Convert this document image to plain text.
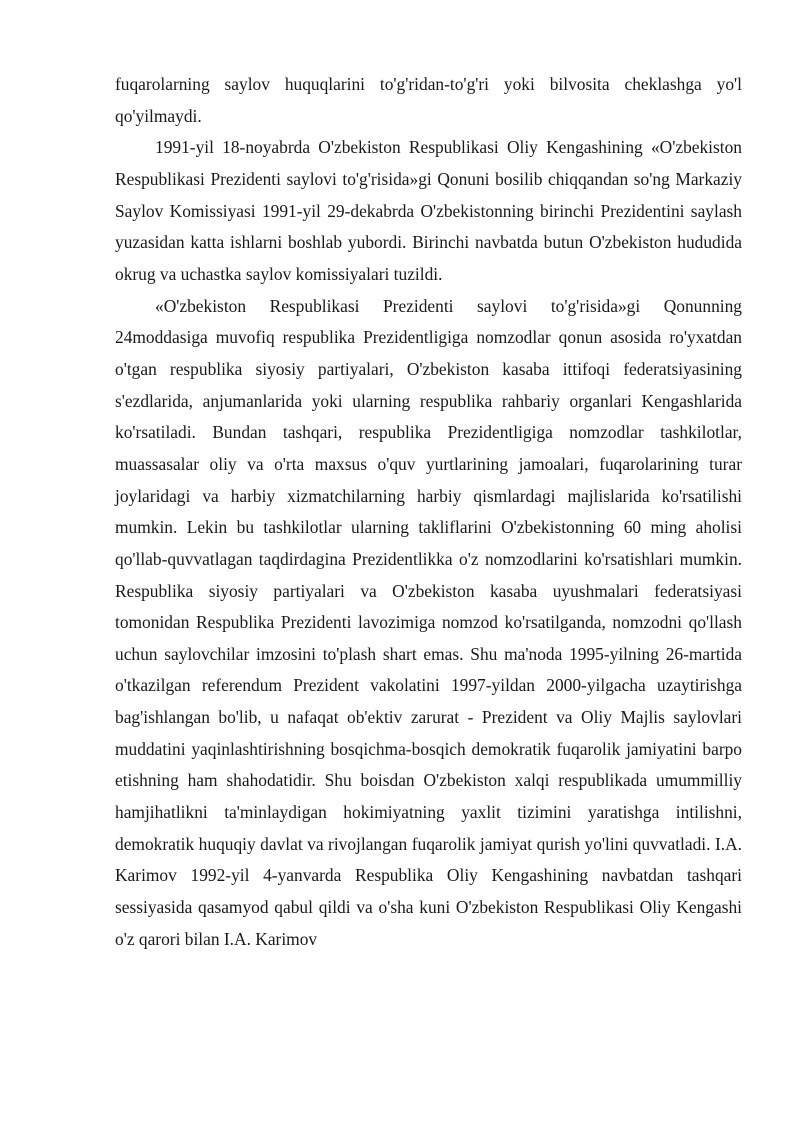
fuqarolarning saylov huquqlarini to'g'ridan-to'g'ri yoki bilvosita cheklashga yo'l qo'yilmaydi.

1991-yil 18-noyabrda O'zbekiston Respublikasi Oliy Kengashining «O'zbekiston Respublikasi Prezidenti saylovi to'g'risida»gi Qonuni bosilib chiqqandan so'ng Markaziy Saylov Komissiyasi 1991-yil 29-dekabrda O'zbekistonning birinchi Prezidentini saylash yuzasidan katta ishlarni boshlab yubordi. Birinchi navbatda butun O'zbekiston hududida okrug va uchastka saylov komissiyalari tuzildi.

«O'zbekiston Respublikasi Prezidenti saylovi to'g'risida»gi Qonunning 24moddasiga muvofiq respublika Prezidentligiga nomzodlar qonun asosida ro'yxatdan o'tgan respublika siyosiy partiyalari, O'zbekiston kasaba ittifoqi federatsiyasining s'ezdlarida, anjumanlarida yoki ularning respublika rahbariy organlari Kengashlarida ko'rsatiladi. Bundan tashqari, respublika Prezidentligiga nomzodlar tashkilotlar, muassasalar oliy va o'rta maxsus o'quv yurtlarining jamoalari, fuqarolarining turar joylaridagi va harbiy xizmatchilarning harbiy qismlardagi majlislarida ko'rsatilishi mumkin. Lekin bu tashkilotlar ularning takliflarini O'zbekistonning 60 ming aholisi qo'llab-quvvatlagan taqdirdagina Prezidentlikka o'z nomzodlarini ko'rsatishlari mumkin. Respublika siyosiy partiyalari va O'zbekiston kasaba uyushmalari federatsiyasi tomonidan Respublika Prezidenti lavozimiga nomzod ko'rsatilganda, nomzodni qo'llash uchun saylovchilar imzosini to'plash shart emas. Shu ma'noda 1995-yilning 26-martida o'tkazilgan referendum Prezident vakolatini 1997-yildan 2000-yilgacha uzaytirishga bag'ishlangan bo'lib, u nafaqat ob'ektiv zarurat - Prezident va Oliy Majlis saylovlari muddatini yaqinlashtirishning bosqichma-bosqich demokratik fuqarolik jamiyatini barpo etishning ham shahodatidir. Shu boisdan O'zbekiston xalqi respublikada umummilliy hamjihatlikni ta'minlaydigan hokimiyatning yaxlit tizimini yaratishga intilishni, demokratik huquqiy davlat va rivojlangan fuqarolik jamiyat qurish yo'lini quvvatladi. I.A. Karimov 1992-yil 4-yanvarda Respublika Oliy Kengashining navbatdan tashqari sessiyasida qasamyod qabul qildi va o'sha kuni O'zbekiston Respublikasi Oliy Kengashi o'z qarori bilan I.A. Karimov
